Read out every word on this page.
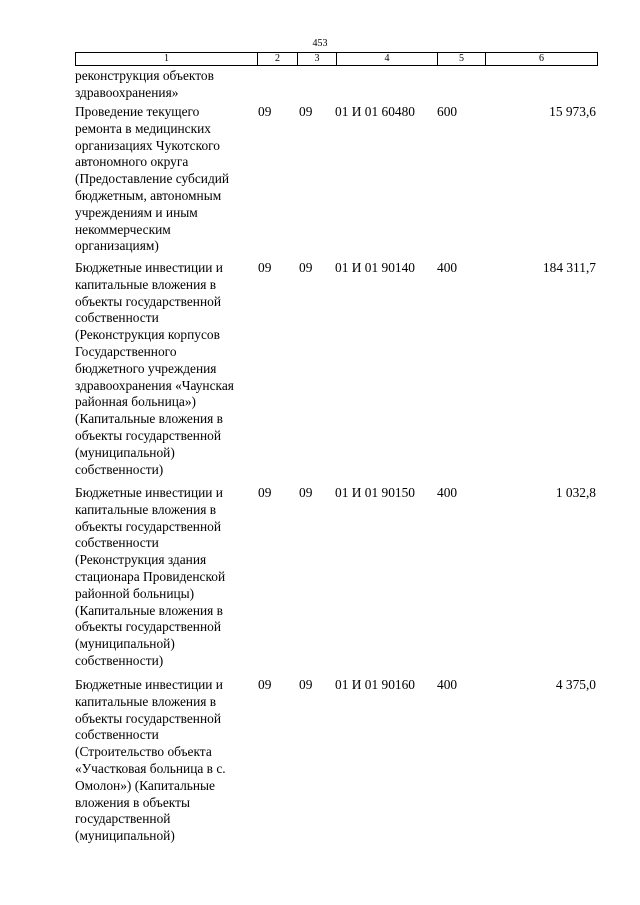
453
1	2	3	4	5	6
реконструкция объектов
здравоохранения»
Проведение текущего
ремонта в медицинских
организациях Чукотского
автономного округа
(Предоставление субсидий
бюджетным, автономным
учреждениям и иным
некоммерческим
организациям)
09	09	01 И 01 60480	600	15 973,6
Бюджетные инвестиции и
капитальные вложения в
объекты государственной
собственности
(Реконструкция корпусов
Государственного
бюджетного учреждения
здравоохранения «Чаунская
районная больница»)
(Капитальные вложения в
объекты государственной
(муниципальной)
собственности)
09	09	01 И 01 90140	400	184 311,7
Бюджетные инвестиции и
капитальные вложения в
объекты государственной
собственности
(Реконструкция здания
стационара Провиденской
районной больницы)
(Капитальные вложения в
объекты государственной
(муниципальной)
собственности)
09	09	01 И 01 90150	400	1 032,8
Бюджетные инвестиции и
капитальные вложения в
объекты государственной
собственности
(Строительство объекта
«Участковая больница в с.
Омолон») (Капитальные
вложения в объекты
государственной
(муниципальной)
09	09	01 И 01 90160	400	4 375,0
